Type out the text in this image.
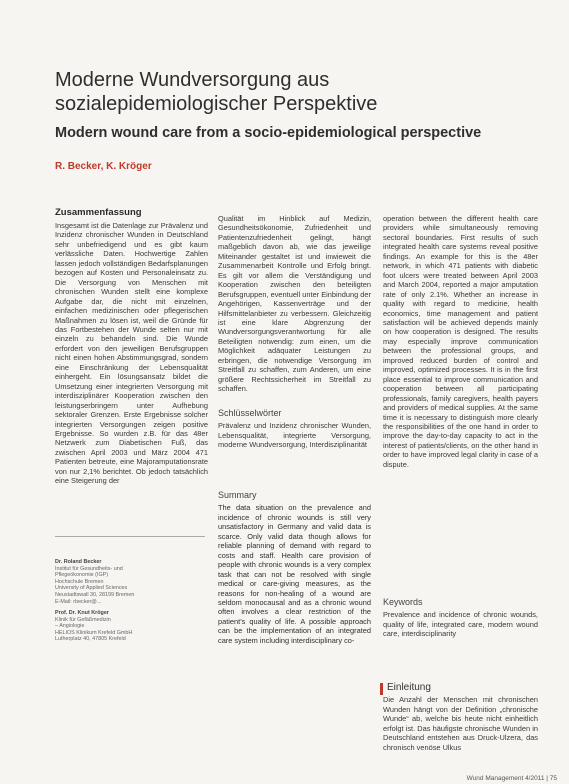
Moderne Wundversorgung aus
sozialepidemiologischer Perspektive
Modern wound care from a socio-epidemiological perspective
R. Becker, K. Kröger
Zusammenfassung

Insgesamt ist die Datenlage zur Prävalenz und Inzidenz chronischer Wunden in Deutschland sehr unbefriedigend und es gibt kaum verlässliche Daten. Hochwertige Zahlen lassen jedoch vollständigen Bedarfsplanungen bezogen auf Kosten und Personaleinsatz zu. Die Versorgung von Menschen mit chronischen Wunden stellt eine komplexe Aufgabe dar, die nicht mit einzelnen, einfachen medizinischen oder pflegerischen Maßnahmen zu lösen ist, weil die Gründe für das Fortbestehen der Wunde selten nur mit einzeln zu behandeln sind. Die Wunde erfordert von den jeweiligen Berufsgruppen nicht einen hohen Abstimmungsgrad, sondern eine Einschränkung der Lebensqualität einhergeht. Ein lösungsansatz bildet die Umsetzung einer integrierten Versorgung mit interdisziplinärer Kooperation zwischen den leistungserbringern unter Aufhebung sektoraler Grenzen. Erste Ergebnisse solcher integrierten Versorgungen zeigen positive Ergebnisse. So wurden z.B. für das 48er Netzwerk zum Diabetischen Fuß, das zwischen April 2003 und März 2004 471 Patienten betreute, eine Majoramputationsrate von nur 2,1% berichtet. Ob jedoch tatsächlich eine Steigerung der

Dr. Roland Becker
Institut für Gesundheits- und
Pflegeökonomie (IGP)
Hochschule Bremen
University of Applied Sciences
Neustadtswall 30, 28199 Bremen
E-Mail: rbecker@...
Prof. Dr. Knut Kröger
Klinik für Gefäßmedizin
– Angiologie
HELIOS Klinikum Krefeld GmbH
Lutherplatz 40, 47805 Krefeld

Qualität im Hinblick auf Medizin, Gesundheitsökonomie, Zufriedenheit und Patientenzufriedenheit gelingt, hängt maßgeblich davon ab, wie das jeweilige Miteinander gestaltet ist und inwieweit die Zusammenarbeit Kontrolle und Erfolg bringt. Es gilt vor allem die Verständigung und Kooperation zwischen den beteiligten Berufsgruppen, eventuell unter Einbindung der Angehörigen, Kassenverträge und der Hilfsmittelanbieter zu verbessern. Gleichzeitig ist eine klare Abgrenzung der Wundversorgungsverantwortung für alle Beteiligten notwendig: zum einen, um die Möglichkeit adäquater Leistungen zu erbringen, die notwendige Versorgung im Streitfall zu schaffen, zum Anderen, um eine größere Rechtssicherheit im Streitfall zu schaffen.

Schlüsselwörter

Prävalenz und Inzidenz chronischer Wunden, Lebensqualität, integrierte Versorgung, moderne Wundversorgung, Interdisziplinarität

Summary

The data situation on the prevalence and incidence of chronic wounds is still very unsatisfactory in Germany and valid data is scarce. Only valid data though allows for reliable planning of demand with regard to costs and staff. Health care provision of people with chronic wounds is a very complex task that can not be resolved with single medical or care-giving measures, as the reasons for non-healing of a wound are seldom monocausal and as a chronic wound often involves a clear restriction of the patient's quality of life. A possible approach can be the implementation of an integrated care system including interdisciplinary co-

operation between the different health care providers while simultaneously removing sectoral boundaries. First results of such integrated health care systems reveal positive findings. An example for this is the 48er network, in which 471 patients with diabetic foot ulcers were treated between April 2003 and March 2004, reported a major amputation rate of only 2.1%. Whether an increase in quality with regard to medicine, health economics, time management and patient satisfaction will be achieved depends mainly on how cooperation is designed. The results may especially improve communication between the professional groups, and improved reduced burden of control and improved, optimized processes. It is in the first place essential to improve communication and cooperation between all participating professionals, family caregivers, health payers and providers of medical supplies. At the same time it is necessary to distinguish more clearly the responsibilities of the one hand in order to improve the day-to-day capacity to act in the interest of patients/clients, on the other hand in order to have improved legal clarity in case of a dispute.

Keywords

Prevalence and incidence of chronic wounds, quality of life, integrated care, modern wound care, interdisciplinarity

Einleitung

Die Anzahl der Menschen mit chronischen Wunden hängt von der Definition „chronische Wunde“ ab, welche bis heute nicht einheitlich erfolgt ist. Das häufigste chronische Wunden in Deutschland entstehen aus Druck-Ulzera, das chronisch venöse Ulkus

Wund Management 4/2011 | 75
